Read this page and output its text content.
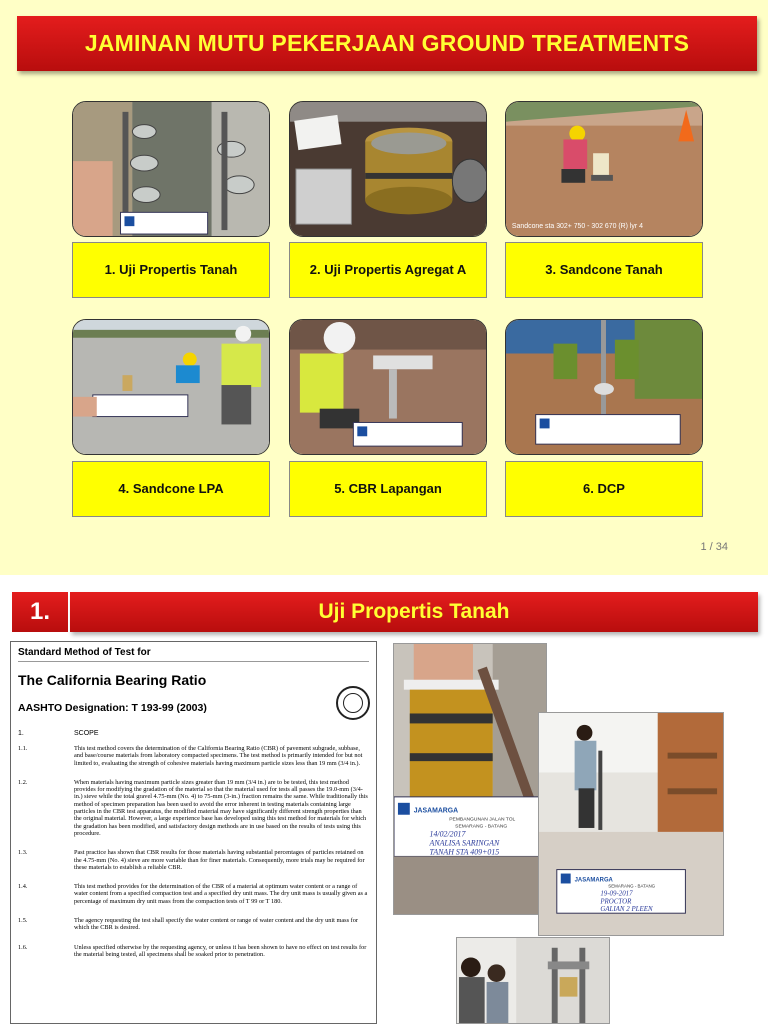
JAMINAN MUTU PEKERJAAN GROUND TREATMENTS
1. Uji Propertis Tanah	2. Uji Propertis Agregat A
Sandcone sta 302+ 750 - 302 670 (R) lyr 4
3. Sandcone Tanah
4. Sandcone LPA	5. CBR Lapangan	6. DCP
1 / 34
1.	Uji Propertis Tanah
Standard Method of Test for
The California Bearing Ratio
AASHTO Designation: T 193-99 (2003)
1.	SCOPE
1.1.	This test method covers the determination of the California Bearing Ratio (CBR) of pavement subgrade, subbase, and base/course materials from laboratory compacted specimens. The test method is primarily intended for but not limited to, evaluating the strength of cohesive materials having maximum particle sizes less than 19 mm (3/4 in.).
1.2.	When materials having maximum particle sizes greater than 19 mm (3/4 in.) are to be tested, this test method provides for modifying the gradation of the material so that the material used for tests all passes the 19.0-mm (3/4-in.) sieve while the total gravel 4.75-mm (No. 4) to 75-mm (3-in.) fraction remains the same. While traditionally this method of specimen preparation has been used to avoid the error inherent in testing materials containing large particles in the CBR test apparatus, the modified material may have significantly different strength properties than the original material. However, a large experience base has developed using this test method for materials for which the gradation has been modified, and satisfactory design methods are in use based on the results of tests using this procedure.
1.3.	Past practice has shown that CBR results for those materials having substantial percentages of particles retained on the 4.75-mm (No. 4) sieve are more variable than for finer materials. Consequently, more trials may be required for these materials to establish a reliable CBR.
1.4.	This test method provides for the determination of the CBR of a material at optimum water content or a range of water content from a specified compaction test and a specified dry unit mass. The dry unit mass is usually given as a percentage of maximum dry unit mass from the compaction tests of T 99 or T 180.
1.5.	The agency requesting the test shall specify the water content or range of water content and the dry unit mass for which the CBR is desired.
1.6.	Unless specified otherwise by the requesting agency, or unless it has been shown to have no effect on test results for the material being tested, all specimens shall be soaked prior to penetration.
JASAMARGA
PEMBANGUNAN JALAN TOL
SEMARANG - BATANG
14/02/2017
ANALISA SARINGAN
TANAH STA 409+015
JASAMARGA
SEMARANG - BATANG
19-09-2017
PROCTOR
GALIAN 2 PLEEN
